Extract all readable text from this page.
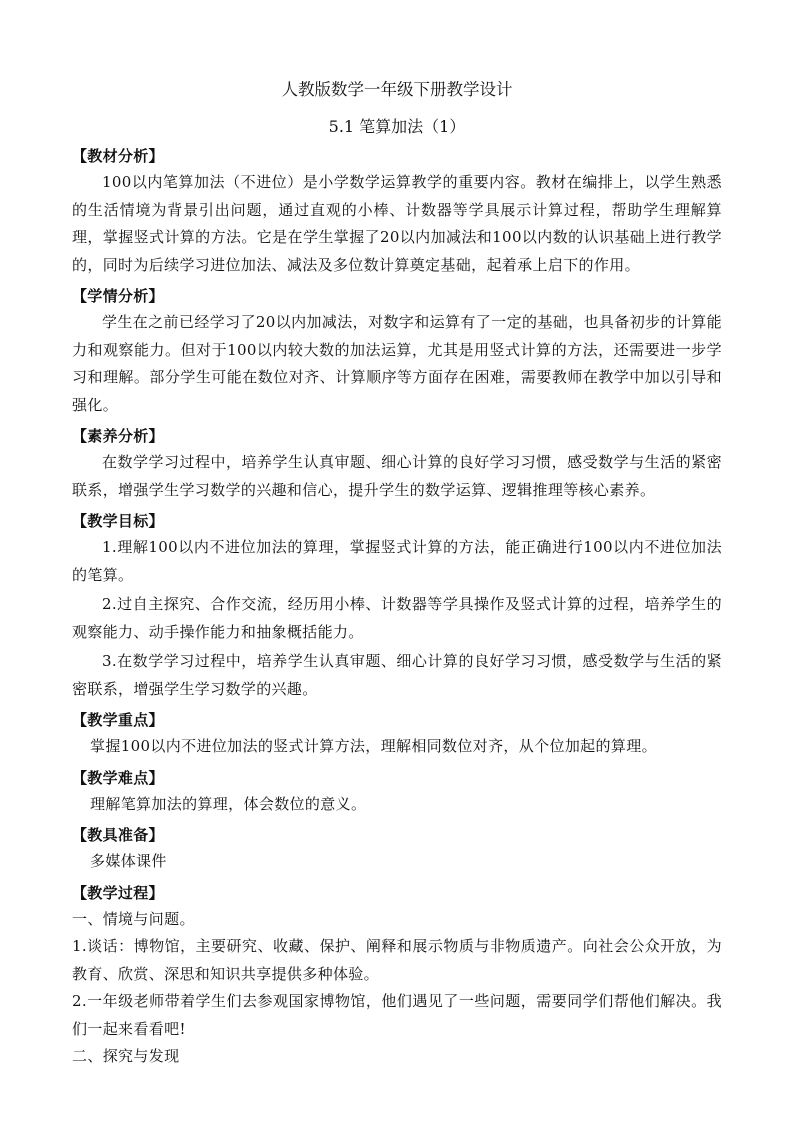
人教版数学一年级下册教学设计

5.1 笔算加法（1）

【教材分析】

100以内笔算加法（不进位）是小学数学运算教学的重要内容。教材在编排上，以学生熟悉的生活情境为背景引出问题，通过直观的小棒、计数器等学具展示计算过程，帮助学生理解算理，掌握竖式计算的方法。它是在学生掌握了20以内加减法和100以内数的认识基础上进行教学的，同时为后续学习进位加法、减法及多位数计算奠定基础，起着承上启下的作用。

【学情分析】

学生在之前已经学习了20以内加减法，对数字和运算有了一定的基础，也具备初步的计算能力和观察能力。但对于100以内较大数的加法运算，尤其是用竖式计算的方法，还需要进一步学习和理解。部分学生可能在数位对齐、计算顺序等方面存在困难，需要教师在教学中加以引导和强化。

【素养分析】

在数学学习过程中，培养学生认真审题、细心计算的良好学习习惯，感受数学与生活的紧密联系，增强学生学习数学的兴趣和信心，提升学生的数学运算、逻辑推理等核心素养。

【教学目标】

1.理解100以内不进位加法的算理，掌握竖式计算的方法，能正确进行100以内不进位加法的笔算。

2.过自主探究、合作交流，经历用小棒、计数器等学具操作及竖式计算的过程，培养学生的观察能力、动手操作能力和抽象概括能力。

3.在数学学习过程中，培养学生认真审题、细心计算的良好学习习惯，感受数学与生活的紧密联系，增强学生学习数学的兴趣。

【教学重点】

掌握100以内不进位加法的竖式计算方法，理解相同数位对齐，从个位加起的算理。

【教学难点】

理解笔算加法的算理，体会数位的意义。

【教具准备】

多媒体课件

【教学过程】

一、情境与问题。

1.谈话：博物馆，主要研究、收藏、保护、阐释和展示物质与非物质遗产。向社会公众开放，为教育、欣赏、深思和知识共享提供多种体验。

2.一年级老师带着学生们去参观国家博物馆，他们遇见了一些问题，需要同学们帮他们解决。我们一起来看看吧!

二、探究与发现
